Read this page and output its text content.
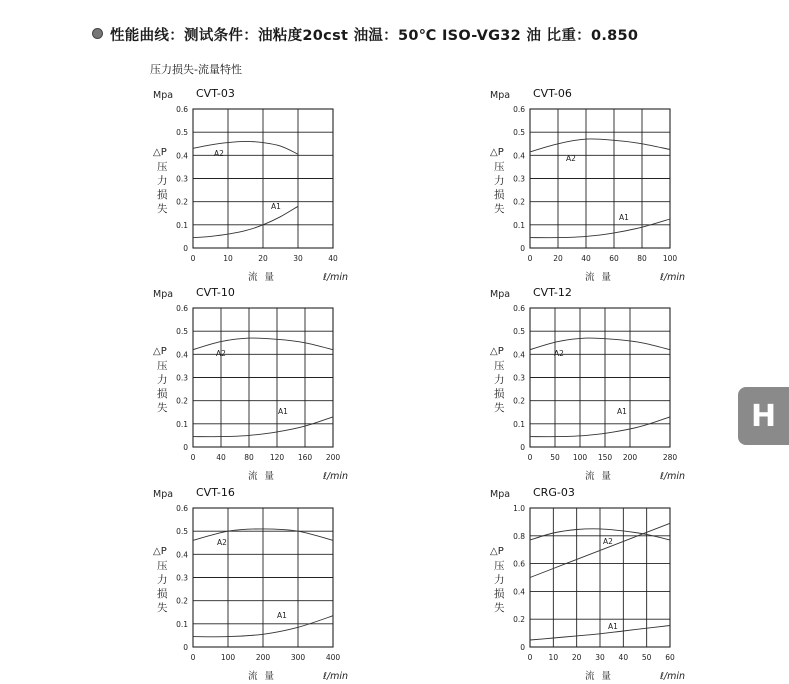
性能曲线：测试条件：油粘度20cst 油温：50℃ ISO-VG32 油 比重：0.850
压力损失-流量特性
0
0.1
0.2
0.3
0.4
0.5
0.6
0	10	20	30	40
Mpa CVT-03
△P
压
力
损
失
流 量	ℓ/min
A2
A1
0
0.1
0.2
0.3
0.4
0.5
0.6
0	20 40 60 80 100
Mpa CVT-06
△P
压
力
损
失
流 量	ℓ/min
A2
A1
0
0.1
0.2
0.3
0.4
0.5
0.6
0	40 80 120 160 200
Mpa CVT-10
△P
压
力
损
失
流 量	ℓ/min
A2
A1
0
0.1
0.2
0.3
0.4
0.5
0.6
0 50 100 150 200	280
Mpa CVT-12
△P
压
力
损
失
流 量	ℓ/min
A2
A1
0
0.1
0.2
0.3
0.4
0.5
0.6
0	100	200	300	400
Mpa CVT-16
△P
压
力
损
失
流 量	ℓ/min
A2
A1
0
0.2
0.4
0.6
0.8
1.0
0 10 20 30 40 50 60
Mpa CRG-03
△P
压
力
损
失
流 量	ℓ/min
A2
A1
H
